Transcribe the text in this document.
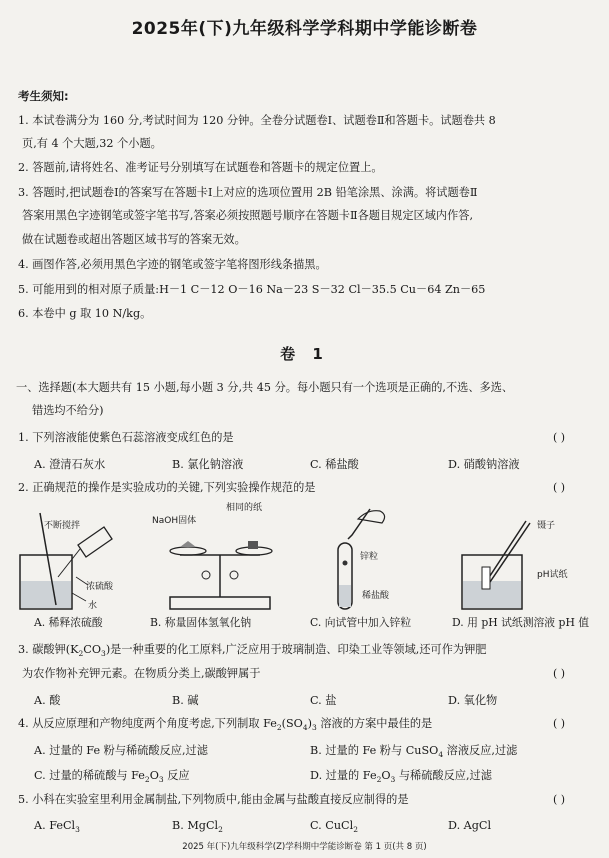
2025年(下)九年级科学学科期中学能诊断卷
考生须知:
1. 本试卷满分为 160 分,考试时间为 120 分钟。全卷分试题卷Ⅰ、试题卷Ⅱ和答题卡。试题卷共 8
页,有 4 个大题,32 个小题。
2. 答题前,请将姓名、准考证号分别填写在试题卷和答题卡的规定位置上。
3. 答题时,把试题卷Ⅰ的答案写在答题卡Ⅰ上对应的选项位置用 2B 铅笔涂黑、涂满。将试题卷Ⅱ
答案用黑色字迹钢笔或签字笔书写,答案必须按照题号顺序在答题卡Ⅱ各题目规定区域内作答,
做在试题卷或超出答题区域书写的答案无效。
4. 画图作答,必须用黑色字迹的钢笔或签字笔将图形线条描黑。
5. 可能用到的相对原子质量:H－1 C－12 O－16 Na－23 S－32 Cl－35.5 Cu－64 Zn－65
6. 本卷中 g 取 10 N/kg。
卷 1
一、选择题(本大题共有 15 小题,每小题 3 分,共 45 分。每小题只有一个选项是正确的,不选、多选、
错选均不给分)
1. 下列溶液能使紫色石蕊溶液变成红色的是	( )
A. 澄清石灰水	B. 氯化钠溶液	C. 稀盐酸	D. 硝酸钠溶液
2. 正确规范的操作是实验成功的关键,下列实验操作规范的是	( )
不断搅拌
浓硫酸
水
NaOH固体
相同的纸
锌粒
稀盐酸
镊子
pH试纸
A. 稀释浓硫酸	B. 称量固体氢氧化钠	C. 向试管中加入锌粒	D. 用 pH 试纸测溶液 pH 值
3. 碳酸钾$(K_2CO_3)$是一种重要的化工原料,广泛应用于玻璃制造、印染工业等领域,还可作为钾肥
为农作物补充钾元素。在物质分类上,碳酸钾属于	( )
A. 酸	B. 碱	C. 盐	D. 氧化物
4. 从反应原理和产物纯度两个角度考虑,下列制取 $Fe_2(SO_4)_3$ 溶液的方案中最佳的是	( )
A. 过量的 Fe 粉与稀硫酸反应,过滤	B. 过量的 Fe 粉与 CuSO$_4$ 溶液反应,过滤
C. 过量的稀硫酸与 $Fe_2O_3$ 反应	D. 过量的 $Fe_2O_3$ 与稀硫酸反应,过滤
5. 小科在实验室里利用金属制盐,下列物质中,能由金属与盐酸直接反应制得的是	( )
A. FeCl$_3$	B. MgCl$_2$	C. CuCl$_2$	D. AgCl
2025 年(下)九年级科学(Z)学科期中学能诊断卷 第 1 页(共 8 页)
